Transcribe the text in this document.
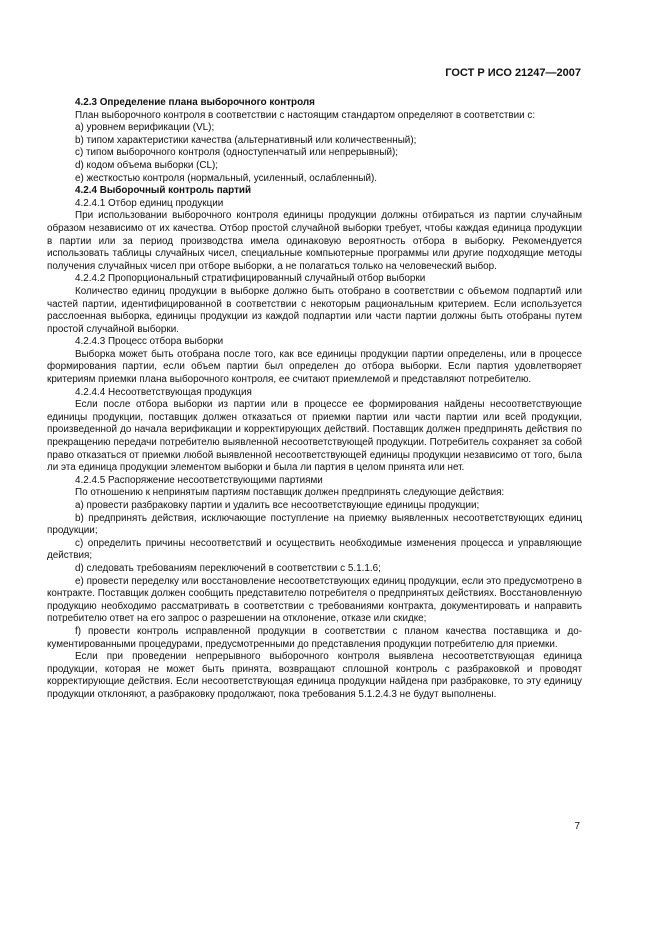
ГОСТ Р ИСО 21247—2007

4.2.3 Определение плана выборочного контроля

План выборочного контроля в соответствии с настоящим стандартом определяют в соответствии с:

a) уровнем верификации (VL);

b) типом характеристики качества (альтернативный или количественный);

c) типом выборочного контроля (одноступенчатый или непрерывный);

d) кодом объема выборки (CL);

e) жесткостью контроля (нормальный, усиленный, ослабленный).

4.2.4 Выборочный контроль партий

4.2.4.1 Отбор единиц продукции

При использовании выборочного контроля единицы продукции должны отбираться из партии случайным образом независимо от их качества. Отбор простой случайной выборки требует, чтобы каждая единица продукции в партии или за период производства имела одинаковую вероятность отбора в выборку. Рекомендуется использовать таблицы случайных чисел, специальные компьютерные программы или другие подходящие методы получения случайных чисел при отборе выборки, а не полагаться только на человеческий выбор.

4.2.4.2 Пропорциональный стратифицированный случайный отбор выборки

Количество единиц продукции в выборке должно быть отобрано в соответствии с объемом подпартий или частей партии, идентифицированной в соответствии с некоторым рациональным критерием. Если используется расслоенная выборка, единицы продукции из каждой подпартии или части партии должны быть отобраны путем простой случайной выборки.

4.2.4.3 Процесс отбора выборки

Выборка может быть отобрана после того, как все единицы продукции партии определены, или в процессе формирования партии, если объем партии был определен до отбора выборки. Если партия удовлетворяет критериям приемки плана выборочного контроля, ее считают приемлемой и представляют потребителю.

4.2.4.4 Несоответствующая продукция

Если после отбора выборки из партии или в процессе ее формирования найдены несоответствующие единицы продукции, поставщик должен отказаться от приемки партии или части партии или всей продукции, произведенной до начала верификации и корректирующих действий. Поставщик должен предпринять действия по прекращению передачи потребителю выявленной несоответствующей продукции. Потребитель сохраняет за собой право отказаться от приемки любой выявленной несоответствующей единицы продукции независимо от того, была ли эта единица продукции элементом выборки и была ли партия в целом принята или нет.

4.2.4.5 Распоряжение несоответствующими партиями

По отношению к непринятым партиям поставщик должен предпринять следующие действия:

a) провести разбраковку партии и удалить все несоответствующие единицы продукции;

b) предпринять действия, исключающие поступление на приемку выявленных несоответствующих единиц продукции;

c) определить причины несоответствий и осуществить необходимые изменения процесса и управляющие действия;

d) следовать требованиям переключений в соответствии с 5.1.1.6;

e) провести переделку или восстановление несоответствующих единиц продукции, если это предусмотрено в контракте. Поставщик должен сообщить представителю потребителя о предпринятых действиях. Восстановленную продукцию необходимо рассматривать в соответствии с требованиями контракта, документировать и направить потребителю ответ на его запрос о разрешении на отклонение, отказе или скидке;

f) провести контроль исправленной продукции в соответствии с планом качества поставщика и документированными процедурами, предусмотренными до представления продукции потребителю для приемки.

Если при проведении непрерывного выборочного контроля выявлена несоответствующая единица продукции, которая не может быть принята, возвращают сплошной контроль с разбраковкой и проводят корректирующие действия. Если несоответствующая единица продукции найдена при разбраковке, то эту единицу продукции отклоняют, а разбраковку продолжают, пока требования 5.1.2.4.3 не будут выполнены.

7
